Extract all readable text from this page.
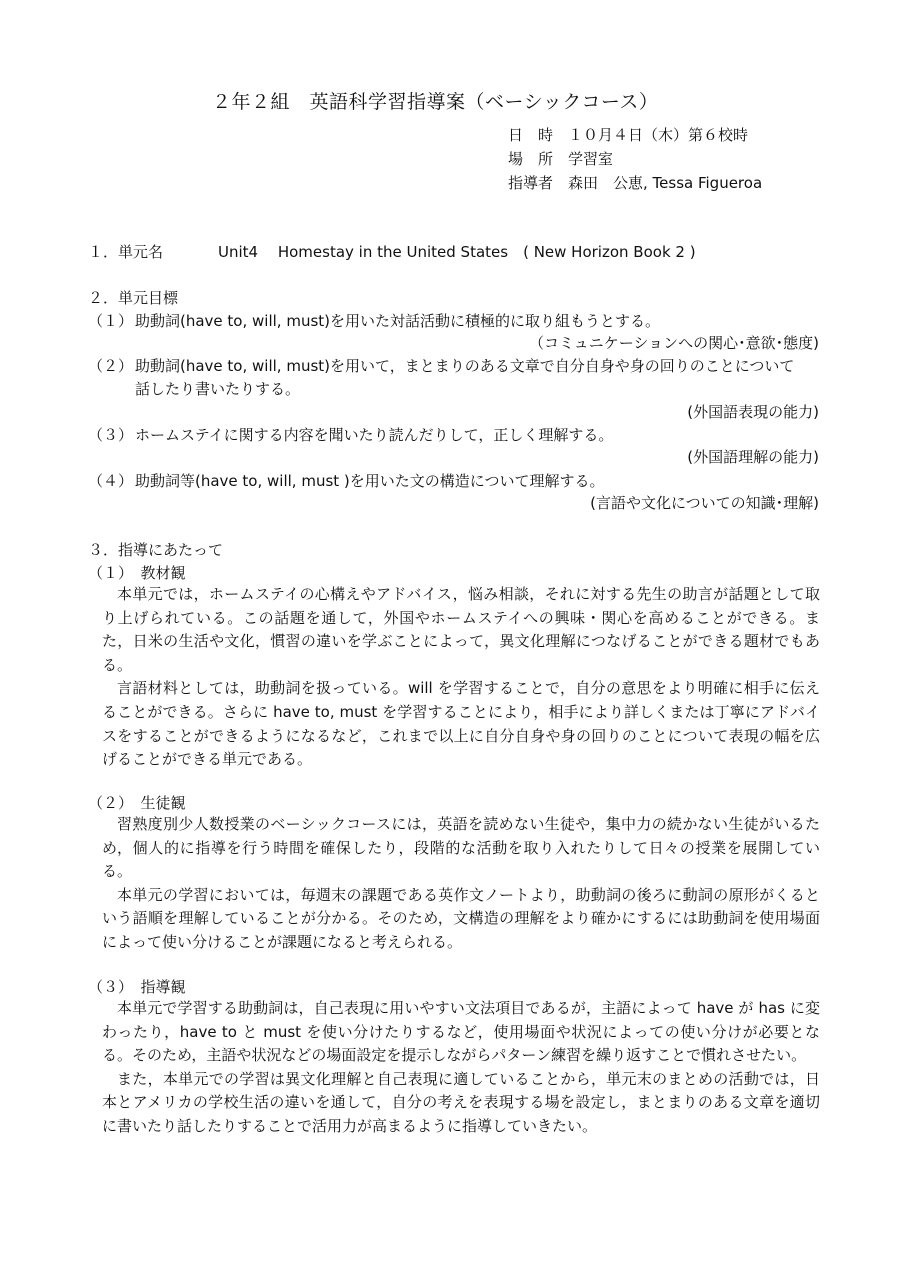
２年２組　英語科学習指導案（ベーシックコース）
日　時　１０月４日（木）第６校時
場　所　学習室
指導者　森田　公恵, Tessa Figueroa
１．単元名	Unit4　 Homestay in the United States　( New Horizon Book 2 )
２．単元目標
（１） 助動詞(have to, will, must)を用いた対話活動に積極的に取り組もうとする。
（コミュニケーションへの関心･意欲･態度)
（２） 助動詞(have to, will, must)を用いて，まとまりのある文章で自分自身や身の回りのことについて
話したり書いたりする。
(外国語表現の能力)
（３） ホームステイに関する内容を聞いたり読んだりして，正しく理解する。
(外国語理解の能力)
（４） 助動詞等(have to, will, must )を用いた文の構造について理解する。
(言語や文化についての知識･理解)
３．指導にあたって
（１）　教材観

本単元では，ホームステイの心構えやアドバイス，悩み相談，それに対する先生の助言が話題として取り上げられている。この話題を通して，外国やホームステイへの興味・関心を高めることができる。また，日米の生活や文化，慣習の違いを学ぶことによって，異文化理解につなげることができる題材でもある。

言語材料としては，助動詞を扱っている。will を学習することで，自分の意思をより明確に相手に伝えることができる。さらに have to, must を学習することにより，相手により詳しくまたは丁寧にアドバイスをすることができるようになるなど，これまで以上に自分自身や身の回りのことについて表現の幅を広げることができる単元である。

（２）　生徒観

習熟度別少人数授業のベーシックコースには，英語を読めない生徒や，集中力の続かない生徒がいるため，個人的に指導を行う時間を確保したり，段階的な活動を取り入れたりして日々の授業を展開している。

本単元の学習においては，毎週末の課題である英作文ノートより，助動詞の後ろに動詞の原形がくるという語順を理解していることが分かる。そのため，文構造の理解をより確かにするには助動詞を使用場面によって使い分けることが課題になると考えられる。

（３）　指導観

本単元で学習する助動詞は，自己表現に用いやすい文法項目であるが，主語によって have が has に変わったり，have to と must を使い分けたりするなど，使用場面や状況によっての使い分けが必要となる。そのため，主語や状況などの場面設定を提示しながらパターン練習を繰り返すことで慣れさせたい。

また，本単元での学習は異文化理解と自己表現に適していることから，単元末のまとめの活動では，日本とアメリカの学校生活の違いを通して，自分の考えを表現する場を設定し，まとまりのある文章を適切に書いたり話したりすることで活用力が高まるように指導していきたい。
